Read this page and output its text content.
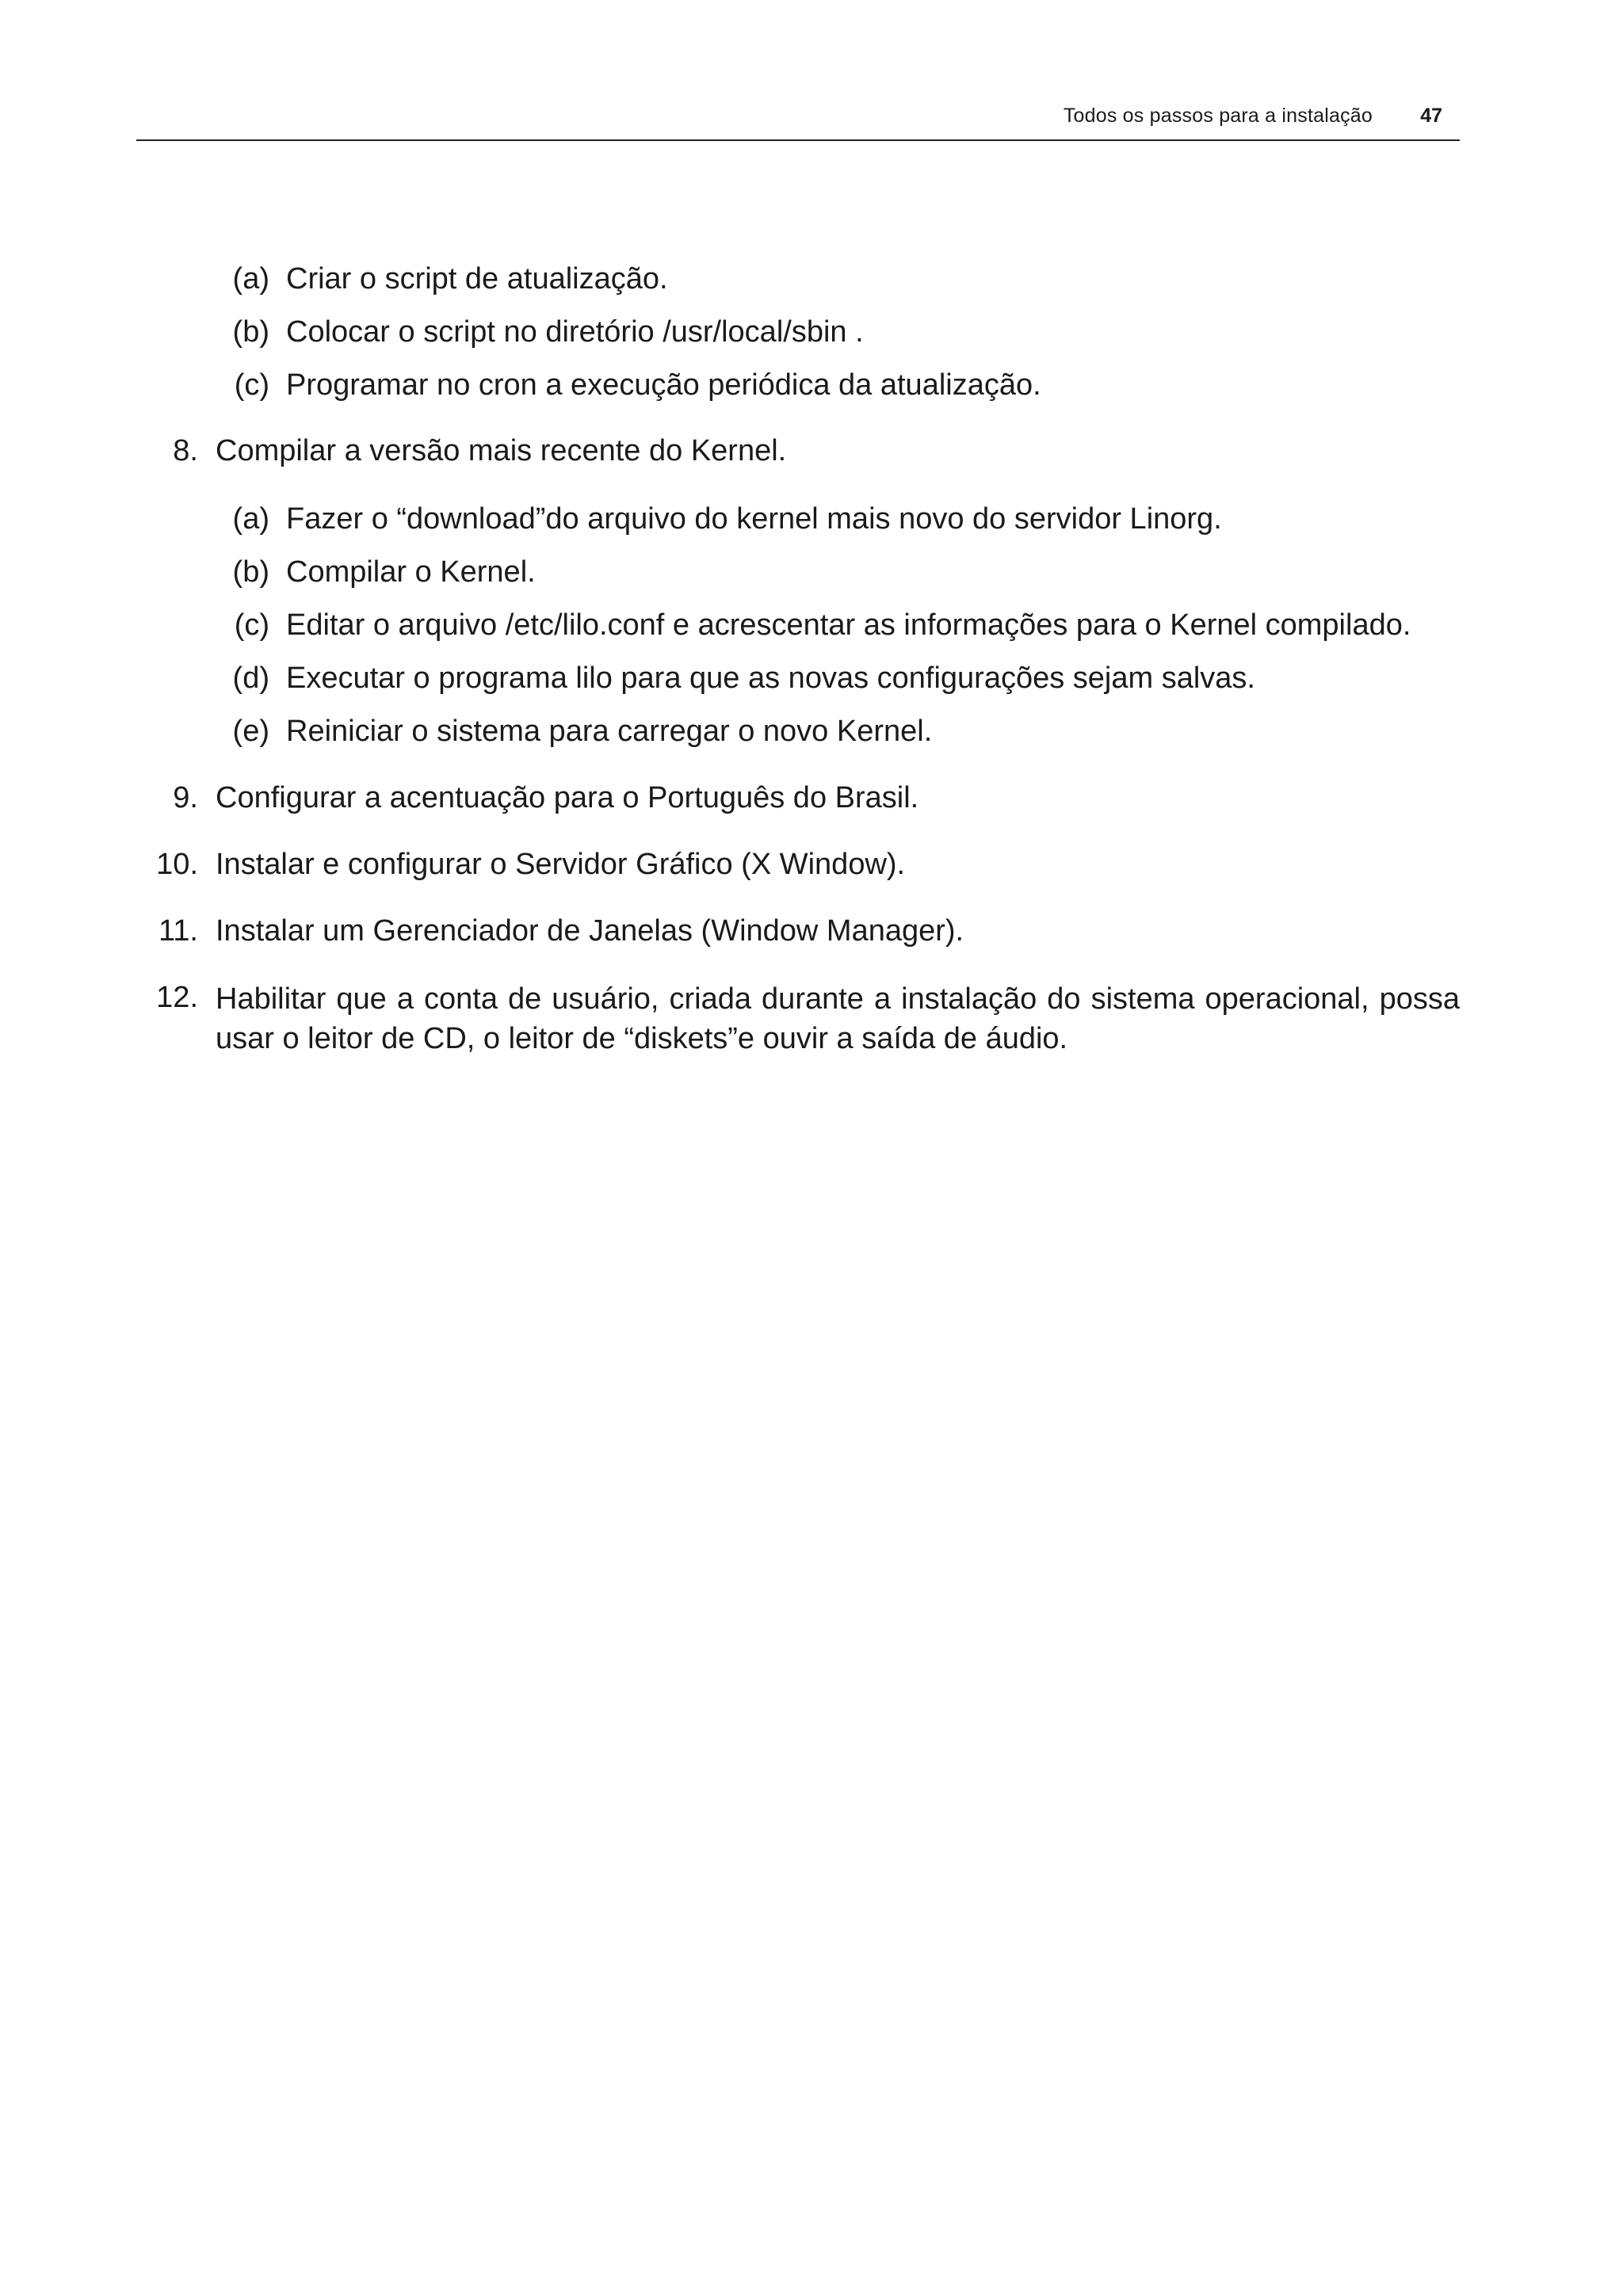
Todos os passos para a instalação 47
(a) Criar o script de atualização.
(b) Colocar o script no diretório /usr/local/sbin .
(c) Programar no cron a execução periódica da atualização.
8. Compilar a versão mais recente do Kernel.
(a) Fazer o “download”do arquivo do kernel mais novo do servidor Linorg.
(b) Compilar o Kernel.
(c) Editar o arquivo /etc/lilo.conf e acrescentar as informações para o Kernel compilado.
(d) Executar o programa lilo para que as novas configurações sejam salvas.
(e) Reiniciar o sistema para carregar o novo Kernel.
9. Configurar a acentuação para o Português do Brasil.
10. Instalar e configurar o Servidor Gráfico (X Window).
11. Instalar um Gerenciador de Janelas (Window Manager).
12. Habilitar que a conta de usuário, criada durante a instalação do sistema operacional, possa usar o leitor de CD, o leitor de “diskets”e ouvir a saída de áudio.
